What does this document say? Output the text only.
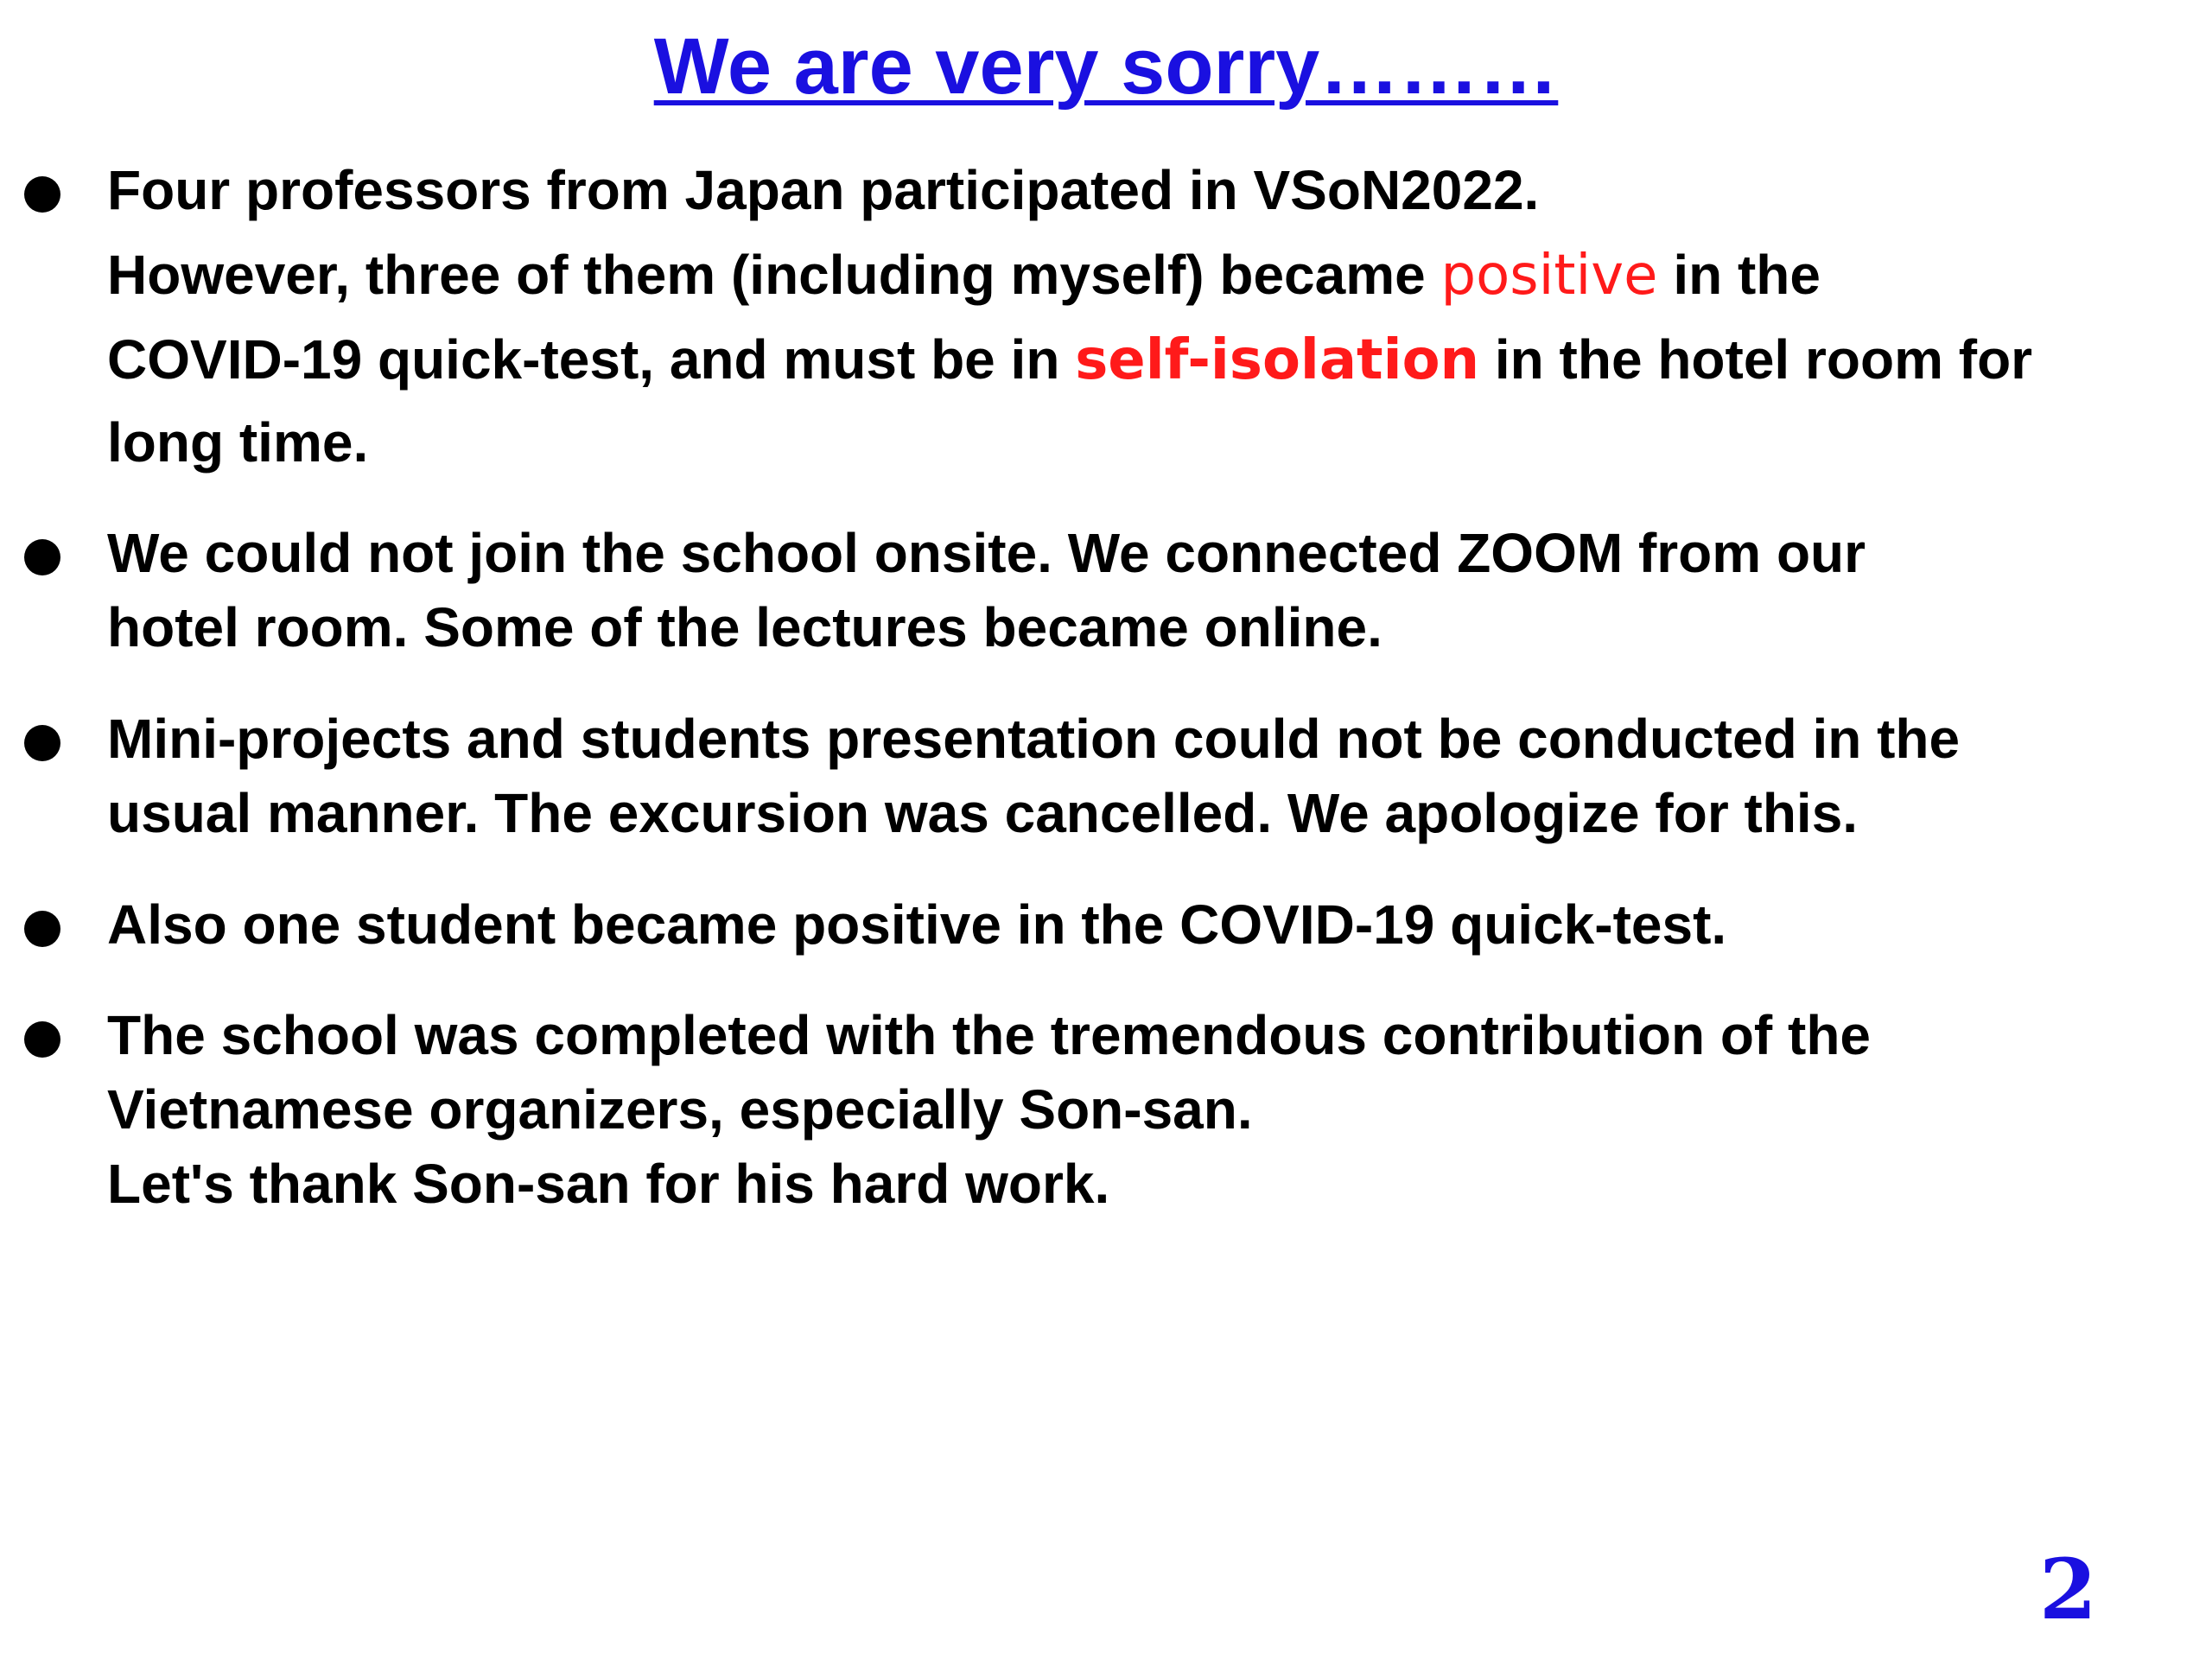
We are very sorry………
Four professors from Japan participated in VSoN2022.
However, three of them (including myself) became positive in the
COVID-19 quick-test, and must be in self-isolation in the hotel room for
long time.
We could not join the school onsite. We connected ZOOM from our
hotel room. Some of the lectures became online.
Mini-projects and students presentation could not be conducted in the
usual manner. The excursion was cancelled. We apologize for this.
Also one student became positive in the COVID-19 quick-test.
The school was completed with the tremendous contribution of the
Vietnamese organizers, especially Son-san.
Let's thank Son-san for his hard work.
2
